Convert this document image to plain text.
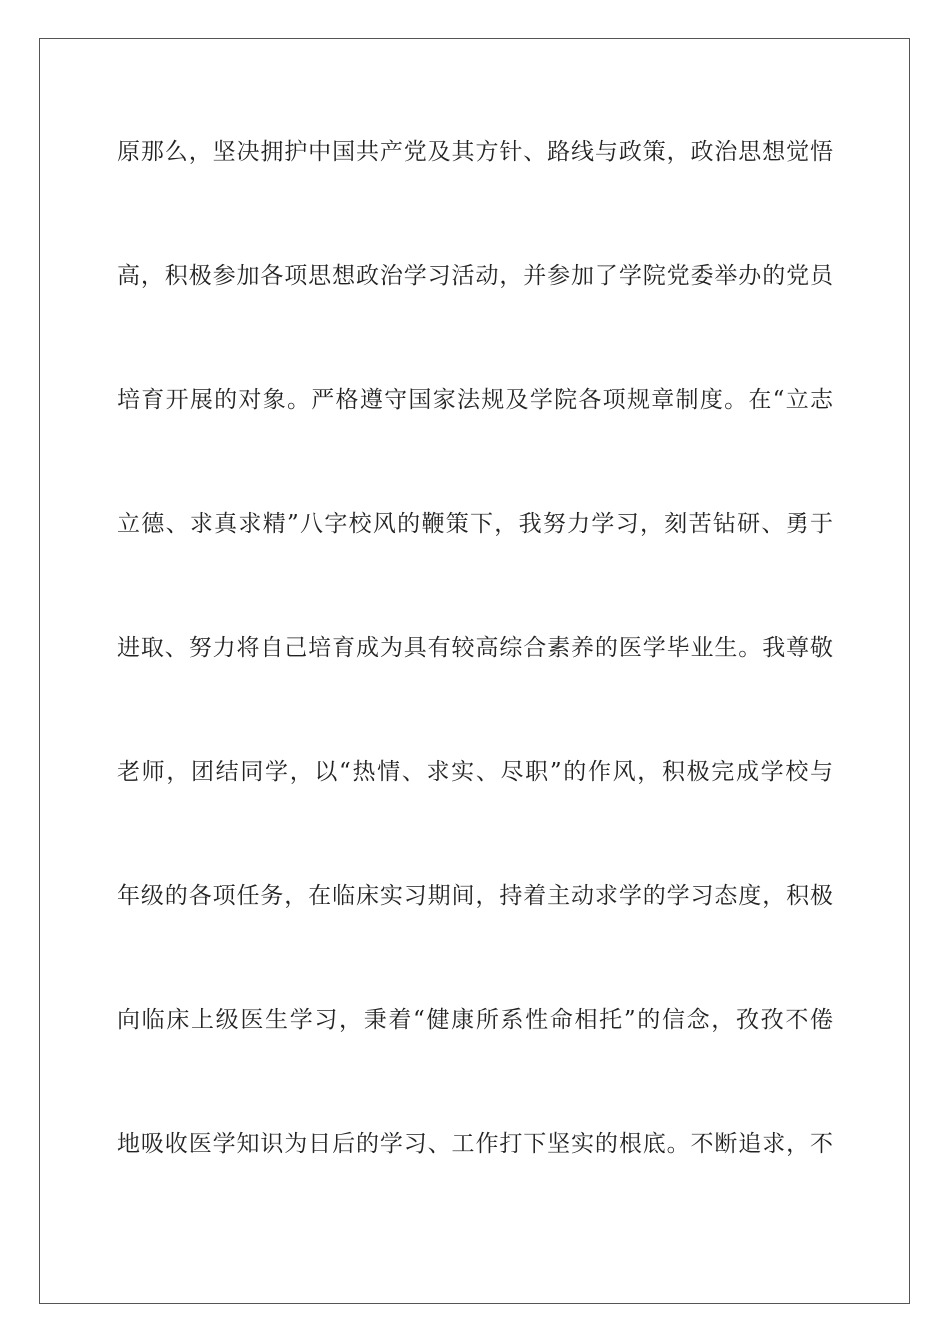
原那么，坚决拥护中国共产党及其方针、路线与政策，政治思想觉悟
高，积极参加各项思想政治学习活动，并参加了学院党委举办的党员
培育开展的对象。严格遵守国家法规及学院各项规章制度。在“立志
立德、求真求精”八字校风的鞭策下，我努力学习，刻苦钻研、勇于
进取、努力将自己培育成为具有较高综合素养的医学毕业生。我尊敬
老师，团结同学，以“热情、求实、尽职”的作风，积极完成学校与
年级的各项任务，在临床实习期间，持着主动求学的学习态度，积极
向临床上级医生学习，秉着“健康所系性命相托”的信念，孜孜不倦
地吸收医学知识为日后的学习、工作打下坚实的根底。不断追求，不
